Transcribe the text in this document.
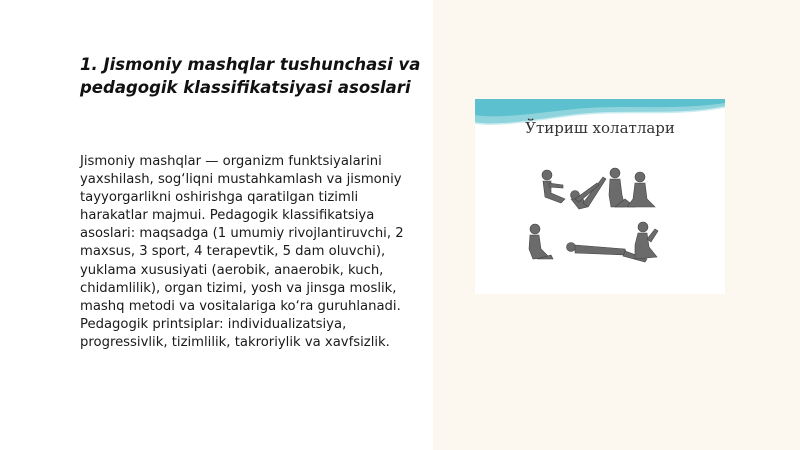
1. Jismoniy mashqlar tushunchasi va pedagogik klassifikatsiyasi asoslari
Jismoniy mashqlar — organizm funktsiyalarini yaxshilash, sog‘liqni mustahkamlash va jismoniy tayyorgarlikni oshirishga qaratilgan tizimli harakatlar majmui. Pedagogik klassifikatsiya asoslari: maqsadga (1 umumiy rivojlantiruvchi, 2 maxsus, 3 sport, 4 terapevtik, 5 dam oluvchi), yuklama xususiyati (aerobik, anaerobik, kuch, chidamlilik), organ tizimi, yosh va jinsga moslik, mashq metodi va vositalariga ko‘ra guruhlanadi. Pedagogik printsiplar: individualizatsiya, progressivlik, tizimlilik, takroriylik va xavfsizlik.
Ўтириш холатлари
